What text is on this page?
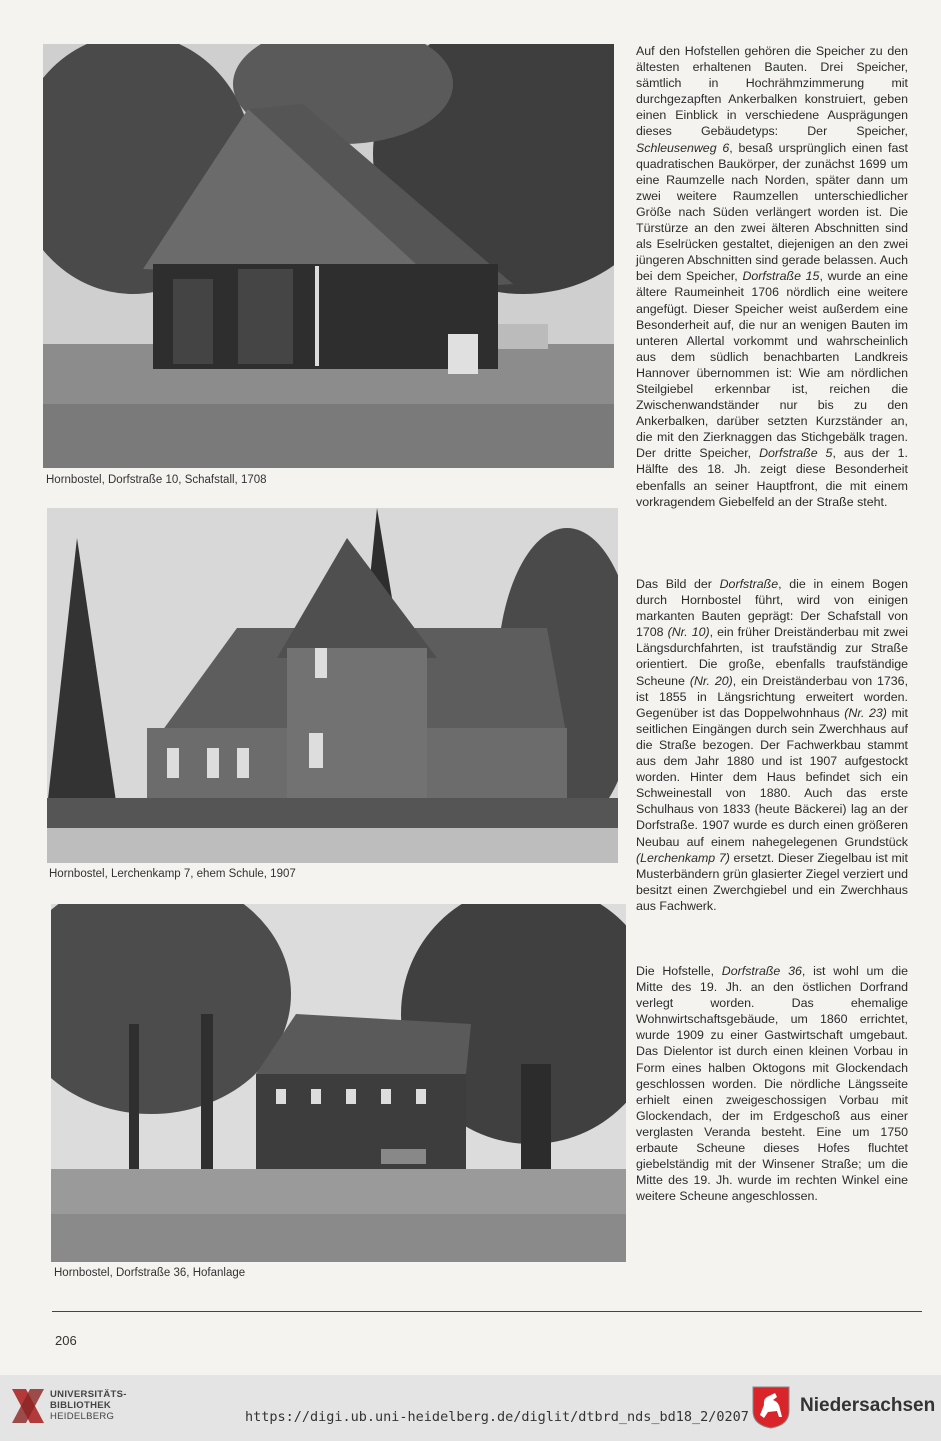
Hornbostel, Dorfstraße 10, Schafstall, 1708
Hornbostel, Lerchenkamp 7, ehem Schule, 1907
Hornbostel, Dorfstraße 36, Hofanlage

Auf den Hofstellen gehören die Speicher zu den ältesten erhaltenen Bauten. Drei Speicher, sämtlich in Hochrähmzimmerung mit durchgezapften Ankerbalken konstruiert, geben einen Einblick in verschiedene Ausprägungen dieses Gebäudetyps: Der Speicher, Schleusenweg 6, besaß ursprünglich einen fast quadratischen Baukörper, der zunächst 1699 um eine Raumzelle nach Norden, später dann um zwei weitere Raumzellen unterschiedlicher Größe nach Süden verlängert worden ist. Die Türstürze an den zwei älteren Abschnitten sind als Eselrücken gestaltet, diejenigen an den zwei jüngeren Abschnitten sind gerade belassen. Auch bei dem Speicher, Dorfstraße 15, wurde an eine ältere Raumeinheit 1706 nördlich eine weitere angefügt. Dieser Speicher weist außerdem eine Besonderheit auf, die nur an wenigen Bauten im unteren Allertal vorkommt und wahrscheinlich aus dem südlich benachbarten Landkreis Hannover übernommen ist: Wie am nördlichen Steilgiebel erkennbar ist, reichen die Zwischenwandständer nur bis zu den Ankerbalken, darüber setzten Kurzständer an, die mit den Zierknaggen das Stichgebälk tragen. Der dritte Speicher, Dorfstraße 5, aus der 1. Hälfte des 18. Jh. zeigt diese Besonderheit ebenfalls an seiner Hauptfront, die mit einem vorkragendem Giebelfeld an der Straße steht.

Das Bild der Dorfstraße, die in einem Bogen durch Hornbostel führt, wird von einigen markanten Bauten geprägt: Der Schafstall von 1708 (Nr. 10), ein früher Dreiständerbau mit zwei Längsdurchfahrten, ist traufständig zur Straße orientiert. Die große, ebenfalls traufständige Scheune (Nr. 20), ein Dreiständerbau von 1736, ist 1855 in Längsrichtung erweitert worden. Gegenüber ist das Doppelwohnhaus (Nr. 23) mit seitlichen Eingängen durch sein Zwerchhaus auf die Straße bezogen. Der Fachwerkbau stammt aus dem Jahr 1880 und ist 1907 aufgestockt worden. Hinter dem Haus befindet sich ein Schweinestall von 1880. Auch das erste Schulhaus von 1833 (heute Bäckerei) lag an der Dorfstraße. 1907 wurde es durch einen größeren Neubau auf einem nahegelegenen Grundstück (Lerchenkamp 7) ersetzt. Dieser Ziegelbau ist mit Musterbändern grün glasierter Ziegel verziert und besitzt einen Zwerchgiebel und ein Zwerchhaus aus Fachwerk.

Die Hofstelle, Dorfstraße 36, ist wohl um die Mitte des 19. Jh. an den östlichen Dorfrand verlegt worden. Das ehemalige Wohnwirtschaftsgebäude, um 1860 errichtet, wurde 1909 zu einer Gastwirtschaft umgebaut. Das Dielentor ist durch einen kleinen Vorbau in Form eines halben Oktogons mit Glockendach geschlossen worden. Die nördliche Längsseite erhielt einen zweigeschossigen Vorbau mit Glockendach, der im Erdgeschoß aus einer verglasten Veranda besteht. Eine um 1750 erbaute Scheune dieses Hofes fluchtet giebelständig mit der Winsener Straße; um die Mitte des 19. Jh. wurde im rechten Winkel eine weitere Scheune angeschlossen.

206
UNIVERSITÄTS-
BIBLIOTHEK
HEIDELBERG	https://digi.ub.uni-heidelberg.de/diglit/dtbrd_nds_bd18_2/0207
Niedersachsen
